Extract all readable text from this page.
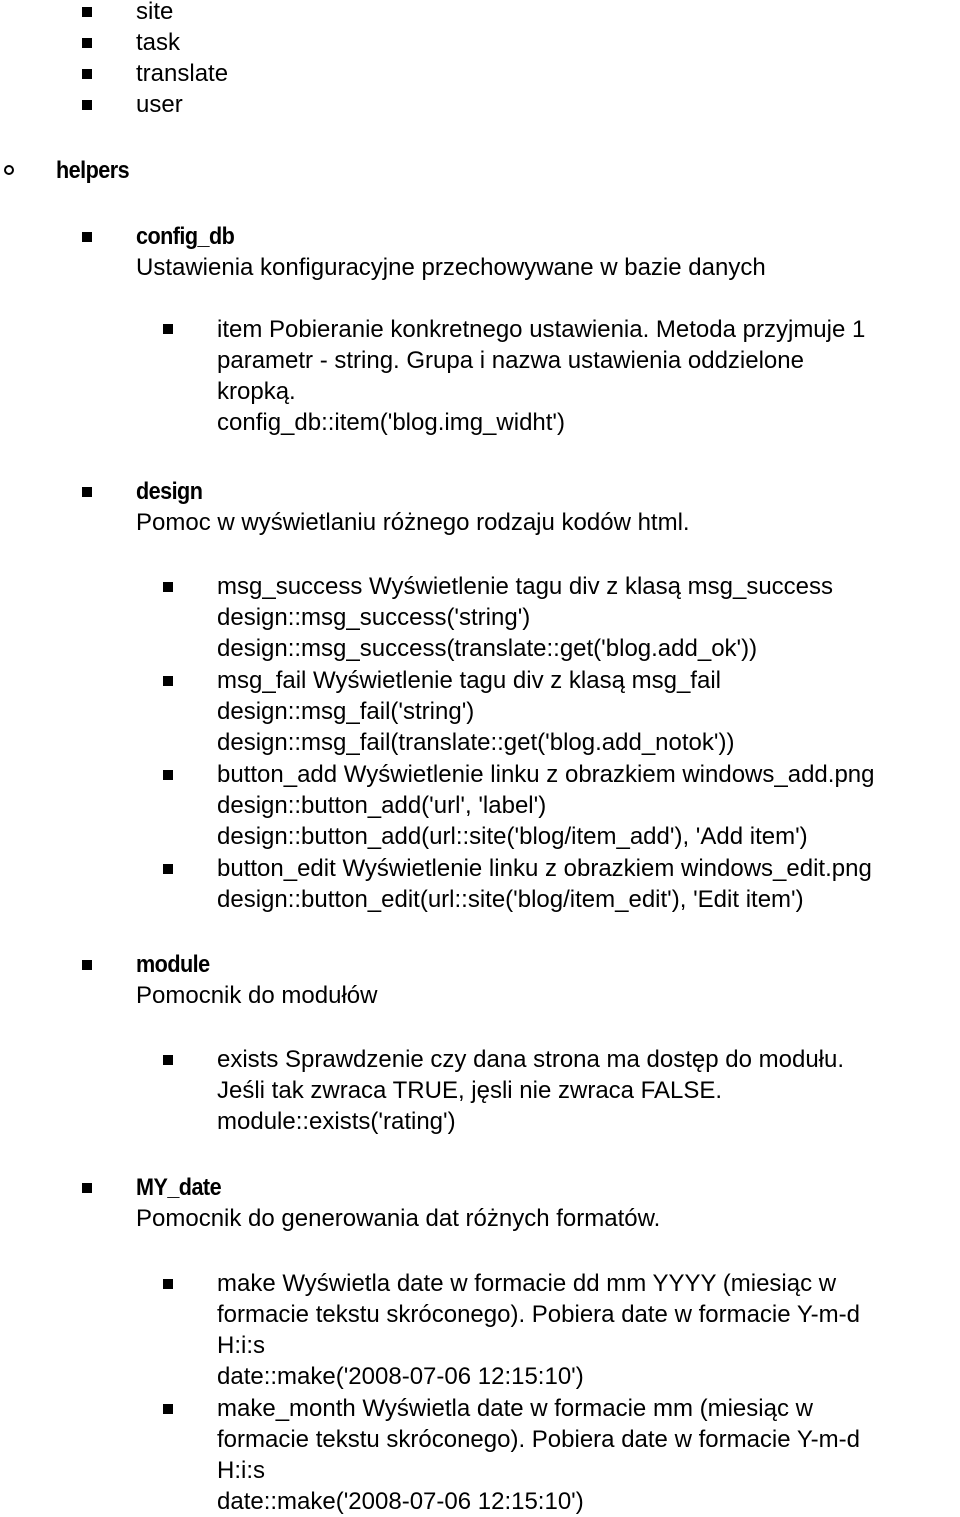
site
task
translate
user
helpers
config_db
Ustawienia konfiguracyjne przechowywane w bazie danych
item Pobieranie konkretnego ustawienia. Metoda przyjmuje 1
parametr - string. Grupa i nazwa ustawienia oddzielone
kropką.
config_db::item('blog.img_widht')
design
Pomoc w wyświetlaniu różnego rodzaju kodów html.
msg_success Wyświetlenie tagu div z klasą msg_success
design::msg_success('string')
design::msg_success(translate::get('blog.add_ok'))
msg_fail Wyświetlenie tagu div z klasą msg_fail
design::msg_fail('string')
design::msg_fail(translate::get('blog.add_notok'))
button_add Wyświetlenie linku z obrazkiem windows_add.png
design::button_add('url', 'label')
design::button_add(url::site('blog/item_add'), 'Add item')
button_edit Wyświetlenie linku z obrazkiem windows_edit.png
design::button_edit(url::site('blog/item_edit'), 'Edit item')
module
Pomocnik do modułów
exists Sprawdzenie czy dana strona ma dostęp do modułu.
Jeśli tak zwraca TRUE, jęsli nie zwraca FALSE.
module::exists('rating')
MY_date
Pomocnik do generowania dat różnych formatów.
make Wyświetla date w formacie dd mm YYYY (miesiąc w
formacie tekstu skróconego). Pobiera date w formacie Y-m-d
H:i:s
date::make('2008-07-06 12:15:10')
make_month Wyświetla date w formacie mm (miesiąc w
formacie tekstu skróconego). Pobiera date w formacie Y-m-d
H:i:s
date::make('2008-07-06 12:15:10')
